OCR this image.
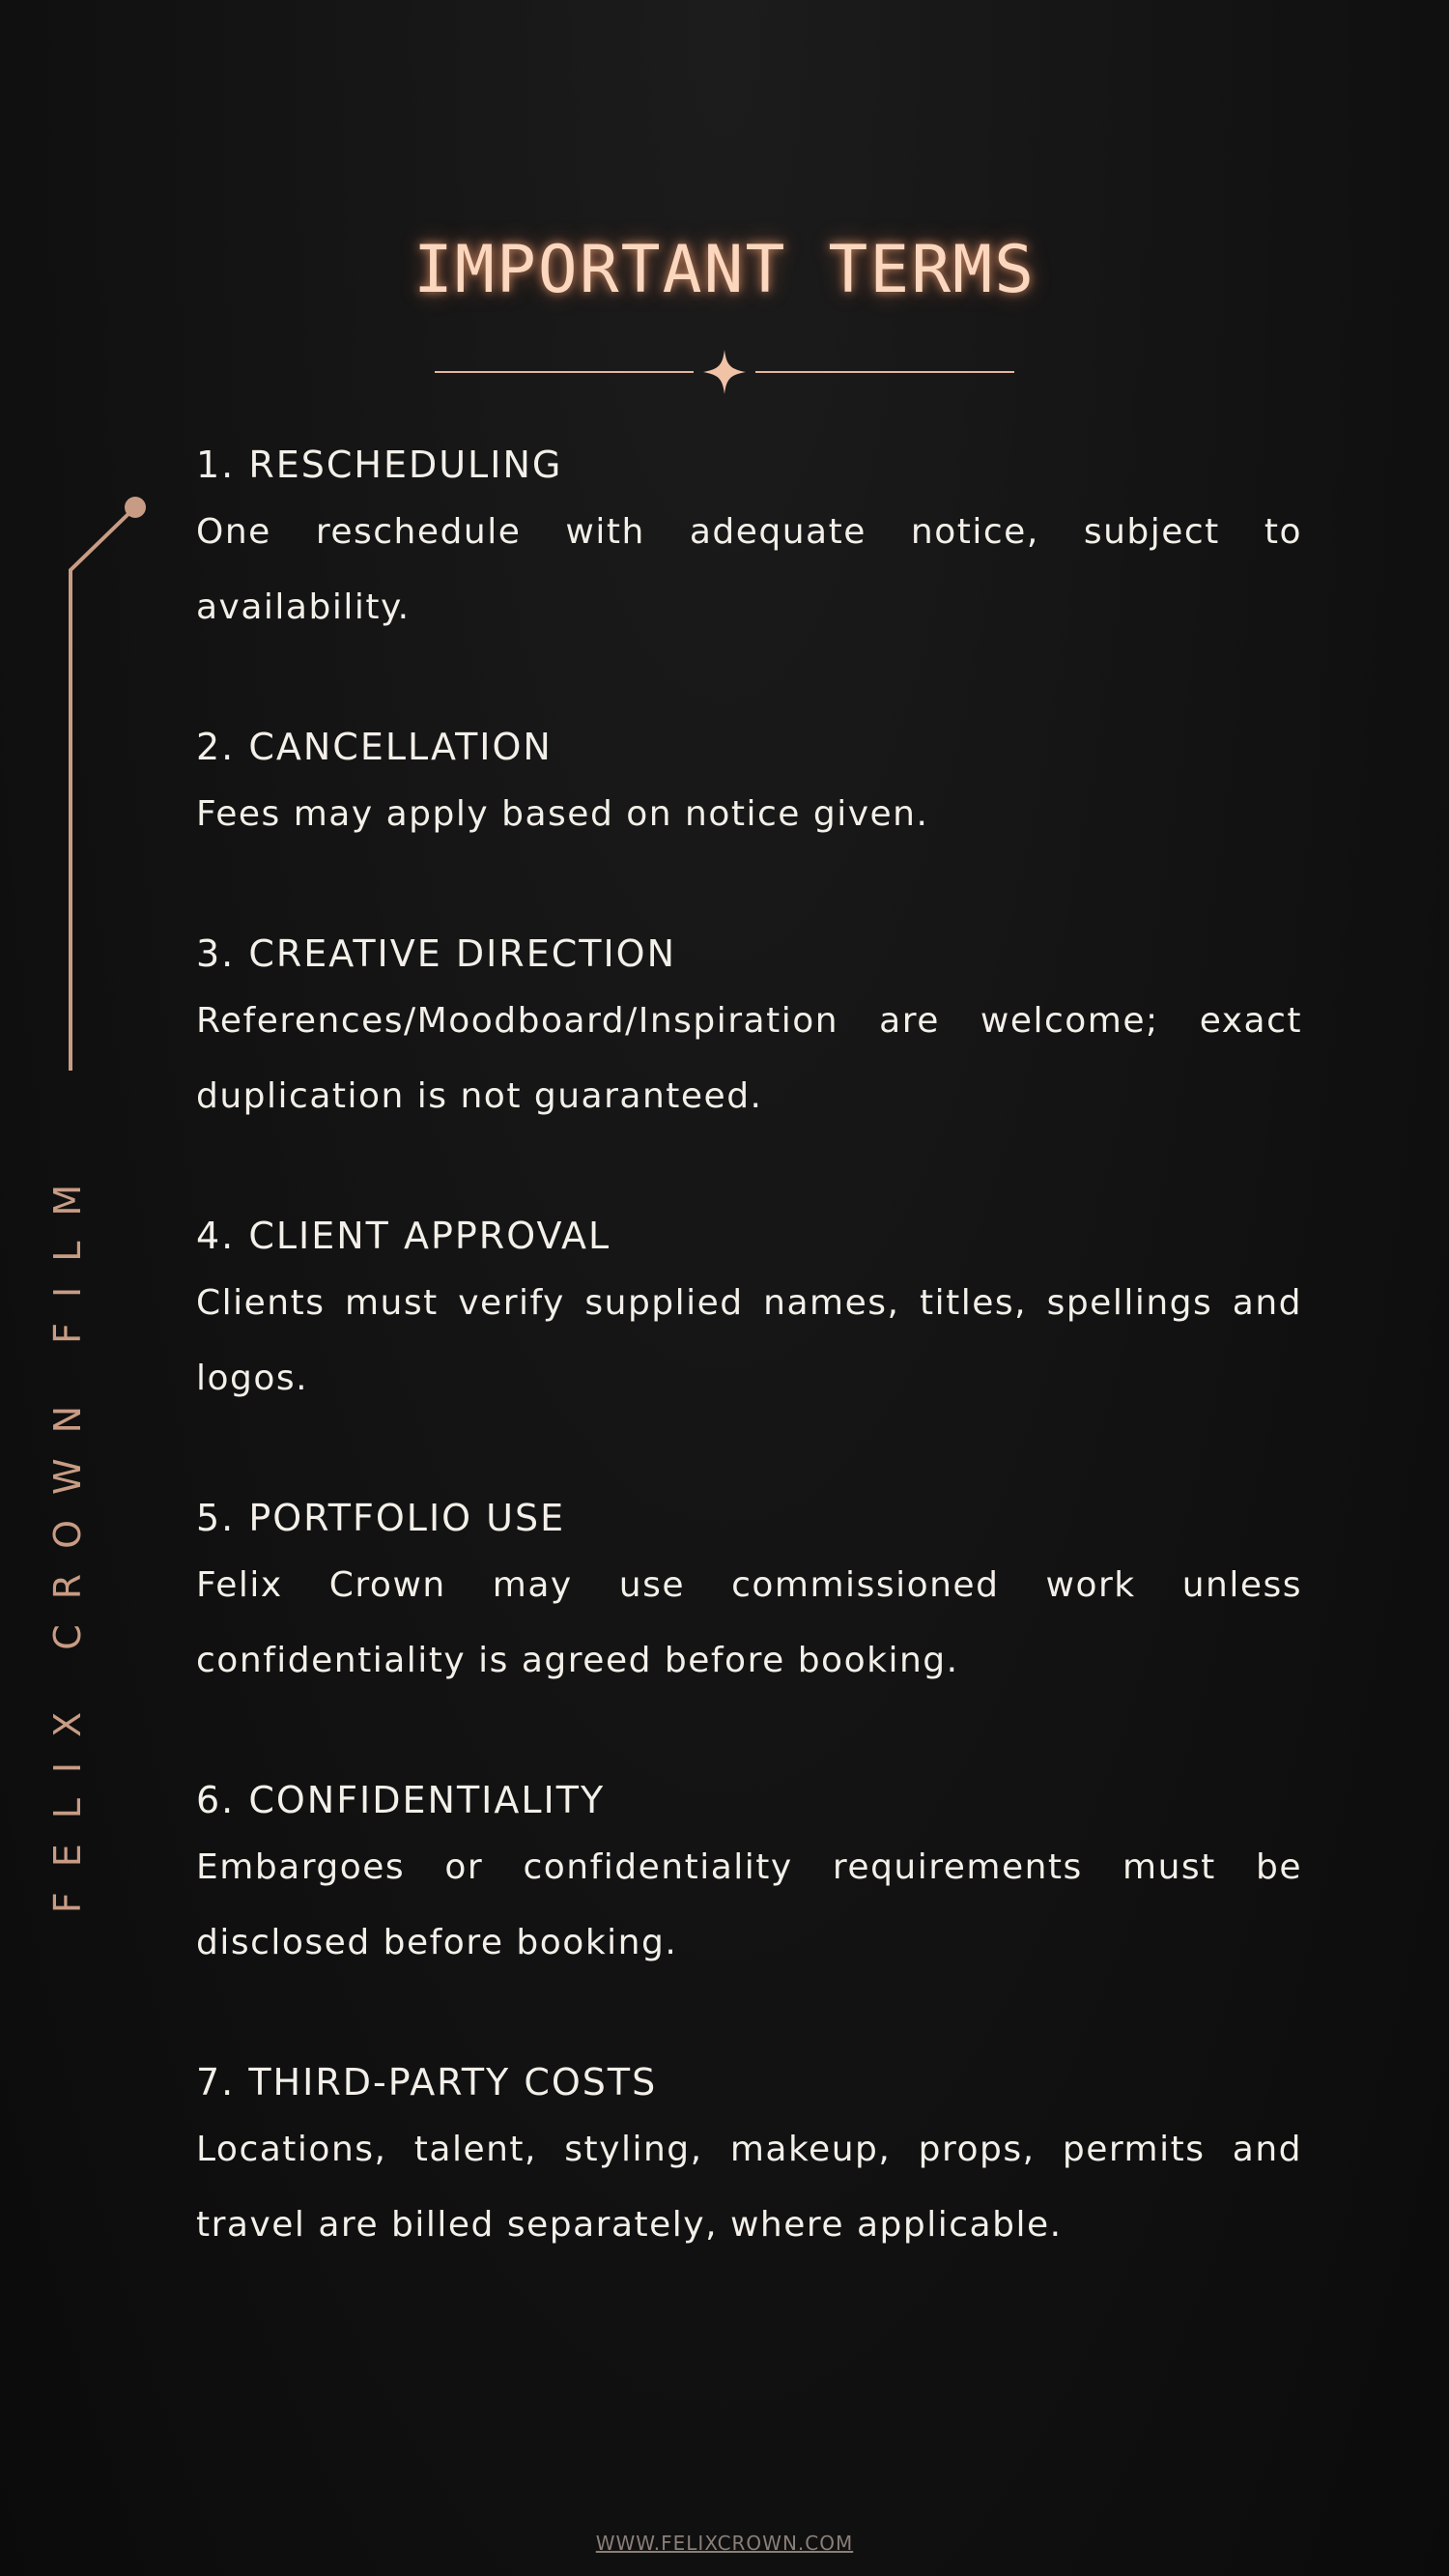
IMPORTANT TERMS
FELIX CROWN FILM

1. RESCHEDULING

One reschedule with adequate notice, subject to availability.

2. CANCELLATION

Fees may apply based on notice given.

3. CREATIVE DIRECTION

References/Moodboard/Inspiration are welcome; exact duplication is not guaranteed.

4. CLIENT APPROVAL

Clients must verify supplied names, titles, spellings and logos.

5. PORTFOLIO USE

Felix Crown may use commissioned work unless confidentiality is agreed before booking.

6. CONFIDENTIALITY

Embargoes or confidentiality requirements must be disclosed before booking.

7. THIRD-PARTY COSTS

Locations, talent, styling, makeup, props, permits and travel are billed separately, where applicable.

WWW.FELIXCROWN.COM
